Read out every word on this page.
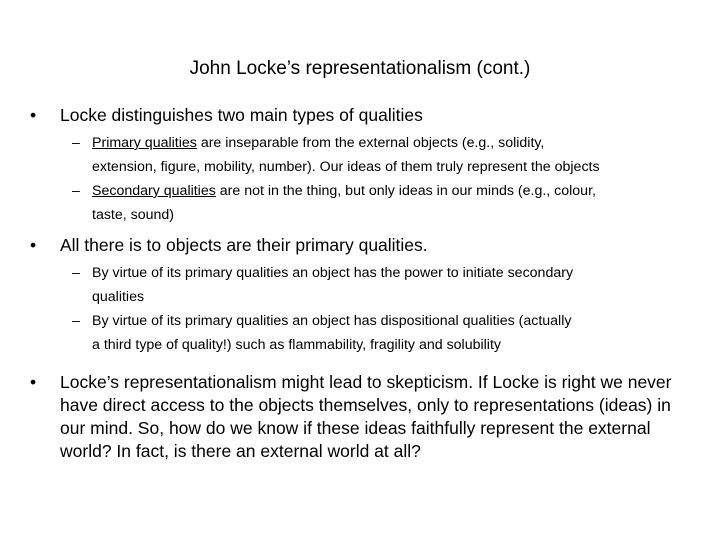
John Locke’s representationalism (cont.)
•	Locke distinguishes two main types of qualities
– Primary qualities are inseparable from the external objects (e.g., solidity,
extension, figure, mobility, number). Our ideas of them truly represent the objects
– Secondary qualities are not in the thing, but only ideas in our minds (e.g., colour,
taste, sound)
•	All there is to objects are their primary qualities.
– By virtue of its primary qualities an object has the power to initiate secondary
qualities
– By virtue of its primary qualities an object has dispositional qualities (actually
a third type of quality!) such as flammability, fragility and solubility
•	Locke’s representationalism might lead to skepticism. If Locke is right we never
have direct access to the objects themselves, only to representations (ideas) in
our mind. So, how do we know if these ideas faithfully represent the external
world? In fact, is there an external world at all?
